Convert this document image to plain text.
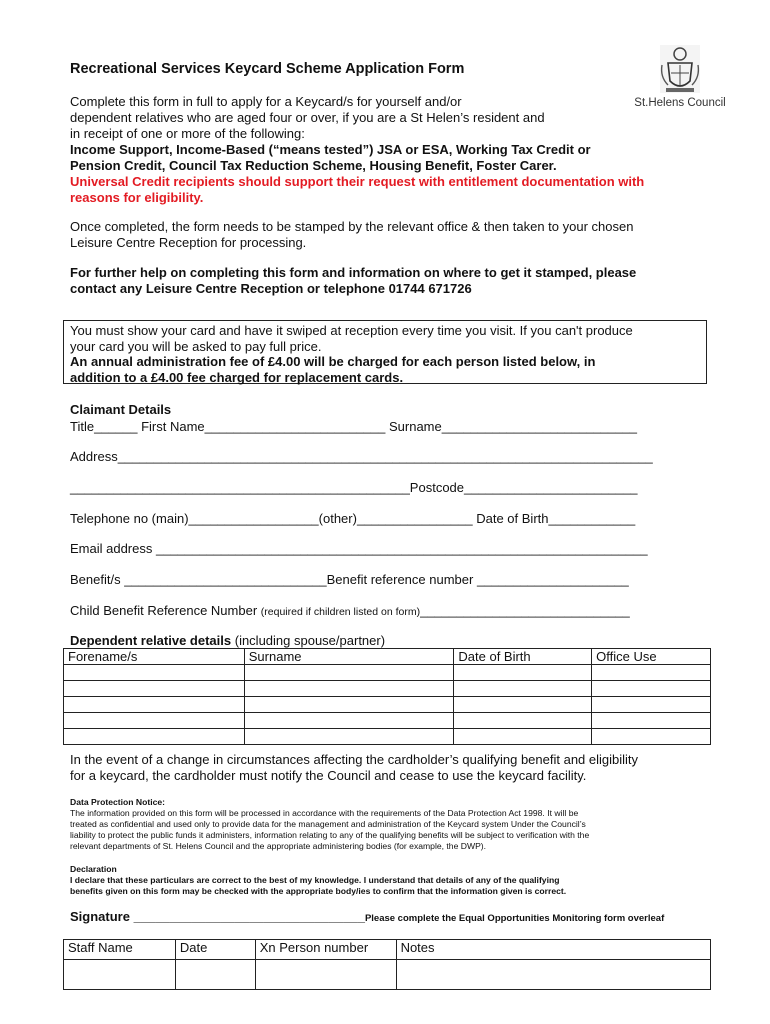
Recreational Services Keycard Scheme Application Form
St.Helens Council
Complete this form in full to apply for a Keycard/s for yourself and/or
dependent relatives who are aged four or over, if you are a St Helen’s resident and
in receipt of one or more of the following:
Income Support, Income-Based (“means tested”) JSA or ESA, Working Tax Credit or
Pension Credit, Council Tax Reduction Scheme, Housing Benefit, Foster Carer.
Universal Credit recipients should support their request with entitlement documentation with
reasons for eligibility.
Once completed, the form needs to be stamped by the relevant office & then taken to your chosen
Leisure Centre Reception for processing.
For further help on completing this form and information on where to get it stamped, please
contact any Leisure Centre Reception or telephone 01744 671726
You must show your card and have it swiped at reception every time you visit. If you can't produce
your card you will be asked to pay full price.
An annual administration fee of £4.00 will be charged for each person listed below, in
addition to a £4.00 fee charged for replacement cards.
Claimant Details
Title______ First Name_________________________ Surname___________________________
Address__________________________________________________________________________
_______________________________________________Postcode________________________
Telephone no (main)__________________(other)________________ Date of Birth____________
Email address ____________________________________________________________________
Benefit/s ____________________________Benefit reference number _____________________
Child Benefit Reference Number (required if children listed on form)_____________________________
Dependent relative details (including spouse/partner)
Forename/s	Surname	Date of Birth	Office Use

In the event of a change in circumstances affecting the cardholder’s qualifying benefit and eligibility
for a keycard, the cardholder must notify the Council and cease to use the keycard facility.
Data Protection Notice:
The information provided on this form will be processed in accordance with the requirements of the Data Protection Act 1998. It will be
treated as confidential and used only to provide data for the management and administration of the Keycard system Under the Council’s
liability to protect the public funds it administers, information relating to any of the qualifying benefits will be subject to verification with the
relevant departments of St. Helens Council and the appropriate administering bodies (for example, the DWP).
Declaration
I declare that these particulars are correct to the best of my knowledge. I understand that details of any of the qualifying
benefits given on this form may be checked with the appropriate body/ies to confirm that the information given is correct.
Signature ________________________________Please complete the Equal Opportunities Monitoring form overleaf
Staff Name	Date	Xn Person number	Notes
